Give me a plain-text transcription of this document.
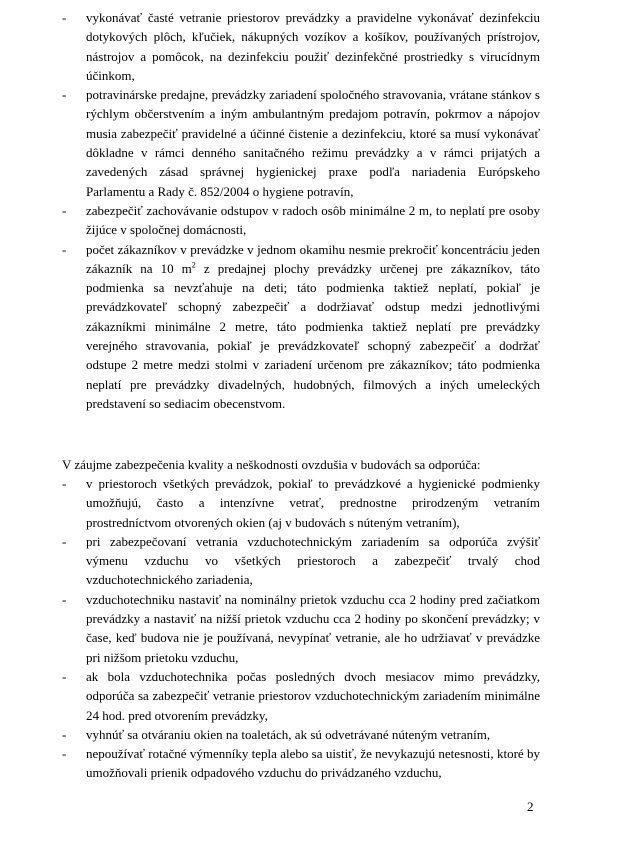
- vykonávať časté vetranie priestorov prevádzky a pravidelne vykonávať dezinfekciu dotykových plôch, kľučiek, nákupných vozíkov a košíkov, používaných prístrojov, nástrojov a pomôcok, na dezinfekciu použiť dezinfekčné prostriedky s virucídnym účinkom,
- potravinárske predajne, prevádzky zariadení spoločného stravovania, vrátane stánkov s rýchlym občerstvením a iným ambulantným predajom potravín, pokrmov a nápojov musia zabezpečiť pravidelné a účinné čistenie a dezinfekciu, ktoré sa musí vykonávať dôkladne v rámci denného sanitačného režimu prevádzky a v rámci prijatých a zavedených zásad správnej hygienickej praxe podľa nariadenia Európskeho Parlamentu a Rady č. 852/2004 o hygiene potravín,
- zabezpečiť zachovávanie odstupov v radoch osôb minimálne 2 m, to neplatí pre osoby žijúce v spoločnej domácnosti,
- počet zákazníkov v prevádzke v jednom okamihu nesmie prekročiť koncentráciu jeden zákazník na 10 $m^2$ z predajnej plochy prevádzky určenej pre zákazníkov, táto podmienka sa nevzťahuje na deti; táto podmienka taktiež neplatí, pokiaľ je prevádzkovateľ schopný zabezpečiť a dodržiavať odstup medzi jednotlivými zákazníkmi minimálne 2 metre, táto podmienka taktiež neplatí pre prevádzky verejného stravovania, pokiaľ je prevádzkovateľ schopný zabezpečiť a dodržať odstupe 2 metre medzi stolmi v zariadení určenom pre zákazníkov; táto podmienka neplatí pre prevádzky divadelných, hudobných, filmových a iných umeleckých predstavení so sediacim obecenstvom.

V záujme zabezpečenia kvality a neškodnosti ovzdušia v budovách sa odporúča:

- v priestoroch všetkých prevádzok, pokiaľ to prevádzkové a hygienické podmienky umožňujú, často a intenzívne vetrať, prednostne prirodzeným vetraním prostredníctvom otvorených okien (aj v budovách s núteným vetraním),
- pri zabezpečovaní vetrania vzduchotechnickým zariadením sa odporúča zvýšiť výmenu vzduchu vo všetkých priestoroch a zabezpečiť trvalý chod vzduchotechnického zariadenia,
- vzduchotechniku nastaviť na nominálny prietok vzduchu cca 2 hodiny pred začiatkom prevádzky a nastaviť na nižší prietok vzduchu cca 2 hodiny po skončení prevádzky; v čase, keď budova nie je používaná, nevypínať vetranie, ale ho udržiavať v prevádzke pri nižšom prietoku vzduchu,
- ak bola vzduchotechnika počas posledných dvoch mesiacov mimo prevádzky, odporúča sa zabezpečiť vetranie priestorov vzduchotechnickým zariadením minimálne 24 hod. pred otvorením prevádzky,
- vyhnúť sa otváraniu okien na toaletách, ak sú odvetrávané núteným vetraním,
- nepoužívať rotačné výmenníky tepla alebo sa uistiť, že nevykazujú netesnosti, ktoré by umožňovali prienik odpadového vzduchu do privádzaného vzduchu,

2
